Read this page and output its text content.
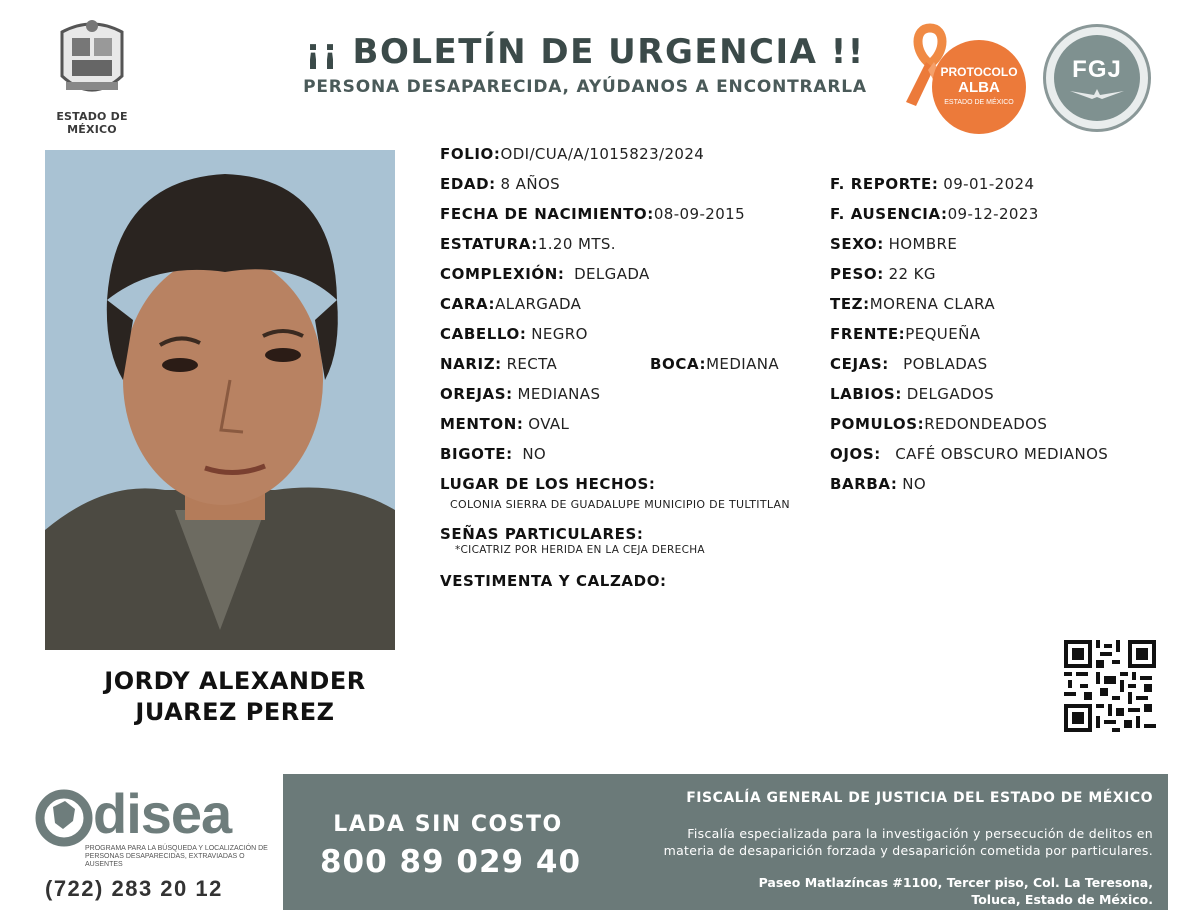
ESTADO DE MÉXICO
¡¡ BOLETÍN DE URGENCIA !!
PERSONA DESAPARECIDA, AYÚDANOS A ENCONTRARLA
PROTOCOLO
ALBA
ESTADO DE MÉXICO
FGJ
JORDY ALEXANDER
JUAREZ PEREZ
FOLIO:ODI/CUA/A/1015823/2024
EDAD: 8 AÑOS
FECHA DE NACIMIENTO:08-09-2015
ESTATURA:1.20 MTS.
COMPLEXIÓN: DELGADA
CARA:ALARGADA
CABELLO: NEGRO
NARIZ: RECTA	BOCA:MEDIANA
OREJAS: MEDIANAS
MENTON: OVAL
BIGOTE: NO
LUGAR DE LOS HECHOS:
COLONIA SIERRA DE GUADALUPE MUNICIPIO DE TULTITLAN
SEÑAS PARTICULARES:
*CICATRIZ POR HERIDA EN LA CEJA DERECHA
VESTIMENTA Y CALZADO:
F. REPORTE: 09-01-2024
F. AUSENCIA:09-12-2023
SEXO: HOMBRE
PESO: 22 KG
TEZ:MORENA CLARA
FRENTE:PEQUEÑA
CEJAS: POBLADAS
LABIOS: DELGADOS
POMULOS:REDONDEADOS
OJOS: CAFÉ OBSCURO MEDIANOS
BARBA: NO
disea
PROGRAMA PARA LA BÚSQUEDA Y LOCALIZACIÓN DE PERSONAS DESAPARECIDAS, EXTRAVIADAS O AUSENTES
(722) 283 20 12
LADA SIN COSTO
800 89 029 40
FISCALÍA GENERAL DE JUSTICIA DEL ESTADO DE MÉXICO
Fiscalía especializada para la investigación y persecución de delitos en
materia de desaparición forzada y desaparición cometida por particulares.
Paseo Matlazíncas #1100, Tercer piso, Col. La Teresona,
Toluca, Estado de México.
